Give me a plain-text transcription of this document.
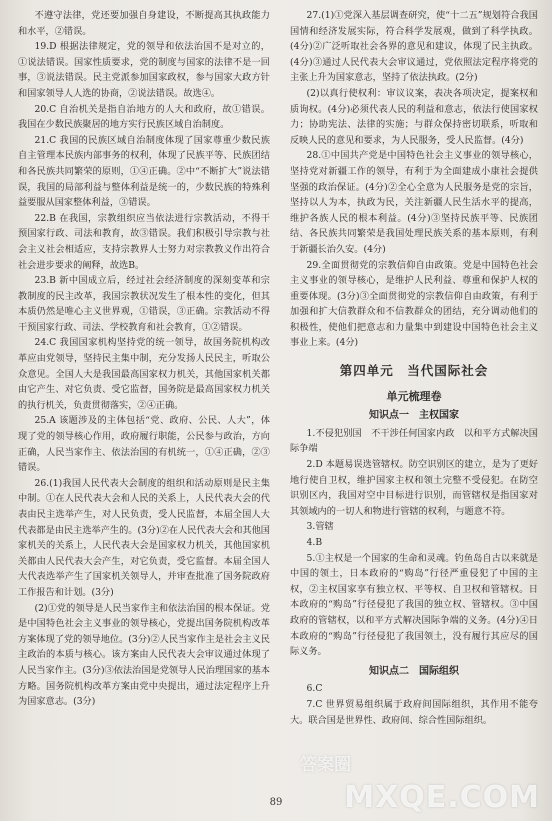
不遵守法律，党还要加强自身建设，不断提高其执政能力和水平，②错误。

19.D 根据法律规定，党的领导和依法治国不是对立的，①说法错误。国家性质要求，党的制度与国家的法律不是一回事，③说法错误。民主党派参加国家政权，参与国家大政方针和国家领导人人选的协商，②说法错误。故选④。

20.C 自治机关是指自治地方的人大和政府，故①错误。我国在少数民族聚居的地方实行民族区域自治制度。

21.C 我国的民族区域自治制度体现了国家尊重少数民族自主管理本民族内部事务的权利，体现了民族平等、民族团结和各民族共同繁荣的原则，①④正确。②中“不断扩大”说法错误，我国的局部利益与整体利益是统一的，少数民族的特殊利益要服从国家整体利益，③错误。

22.B 在我国，宗教组织应当依法进行宗教活动，不得干预国家行政、司法和教育，故③错误。我们积极引导宗教与社会主义社会相适应，支持宗教界人士努力对宗教教义作出符合社会进步要求的阐释，故选B。

23.B 新中国成立后，经过社会经济制度的深刻变革和宗教制度的民主改革，我国宗教状况发生了根本性的变化，但其本质仍然是唯心主义世界观，①错误，③正确。宗教活动不得干预国家行政、司法、学校教育和社会教育，①②错误。

24.C 我国国家机构坚持党的统一领导，故国务院机构改革应由党领导，坚持民主集中制，充分发扬人民民主，听取公众意见。全国人大是我国最高国家权力机关，其他国家机关都由它产生、对它负责、受它监督，国务院是最高国家权力机关的执行机关，负责贯彻落实，②④正确。

25.A 该题涉及的主体包括“党、政府、公民、人大”，体现了党的领导核心作用，政府履行职能，公民参与政治，方向正确，人民当家作主、依法治国的有机统一，①④正确，②③错误。

26.(1)我国人民代表大会制度的组织和活动原则是民主集中制。①在人民代表大会和人民的关系上，人民代表大会的代表由民主选举产生，对人民负责，受人民监督，本届全国人大代表都是由民主选举产生的。(3分)②在人民代表大会和其他国家机关的关系上，人民代表大会是国家权力机关，其他国家机关都由人民代表大会产生，对它负责，受它监督。本届全国人大代表选举产生了国家机关领导人，并审查批准了国务院政府工作报告和计划。(3分)

(2)①党的领导是人民当家作主和依法治国的根本保证。党是中国特色社会主义事业的领导核心，党提出国务院机构改革方案体现了党的领导地位。(3分)②人民当家作主是社会主义民主政治的本质与核心。该方案由人民代表大会审议通过体现了人民当家作主。(3分)③依法治国是党领导人民治理国家的基本方略。国务院机构改革方案由党中央提出，通过法定程序上升为国家意志。(3分)

27.(1)①党深入基层调查研究，使“十二五”规划符合我国国情和经济发展实际，符合科学发展观，做到了科学执政。(4分)②广泛听取社会各界的意见和建议，体现了民主执政。(4分)③通过人民代表大会审议通过，党依照法定程序将党的主张上升为国家意志，坚持了依法执政。(2分)

(2)以真行使权利：审议议案，表决各项决定，提案权和质询权。(4分)必须代表人民的利益和意志，依法行使国家权力；协助宪法、法律的实施；与群众保持密切联系，听取和反映人民的意见和要求，为人民服务，受人民监督。(4分)

28.①中国共产党是中国特色社会主义事业的领导核心，坚持党对新疆工作的领导，有利于为全面建成小康社会提供坚强的政治保证。(4分)②全心全意为人民服务是党的宗旨，坚持以人为本，执政为民，关注新疆人民生活水平的提高，维护各族人民的根本利益。(4分)③坚持民族平等、民族团结、各民族共同繁荣是我国处理民族关系的基本原则，有利于新疆长治久安。(4分)

29.全面贯彻党的宗教信仰自由政策。党是中国特色社会主义事业的领导核心，是维护人民利益、尊重和保护人权的重要体现。(3分)③全面贯彻党的宗教信仰自由政策，有利于加强和扩大信教群众和不信教群众的团结，充分调动他们的积极性，使他们把意志和力量集中到建设中国特色社会主义事业上来。(4分)

第四单元　当代国际社会
单元梳理卷
知识点一　主权国家

1.不侵犯别国　不干涉任何国家内政　以和平方式解决国际争端

2.D 本题易误选管辖权。防空识别区的建立，是为了更好地行使自卫权，维护国家主权和领土完整不受侵犯。在防空识别区内，我国对空中目标进行识别，而管辖权是指国家对其领域内的一切人和物进行管辖的权利，与题意不符。

3.管辖

4.B

5.①主权是一个国家的生命和灵魂。钓鱼岛自古以来就是中国的领土，日本政府的“购岛”行径严重侵犯了中国的主权，②主权国家享有独立权、平等权、自卫权和管辖权。日本政府的“购岛”行径侵犯了我国的独立权、管辖权。③中国政府的管辖权，以和平方式解决国际争端的义务。(4分)④日本政府的“购岛”行径侵犯了我国领土，没有履行其应尽的国际义务。

知识点二　国际组织

6.C

7.C 世界贸易组织属于政府间国际组织，其作用不能夸大。联合国是世界性、政府间、综合性国际组织。

答案圈
89	MXQE.COM
